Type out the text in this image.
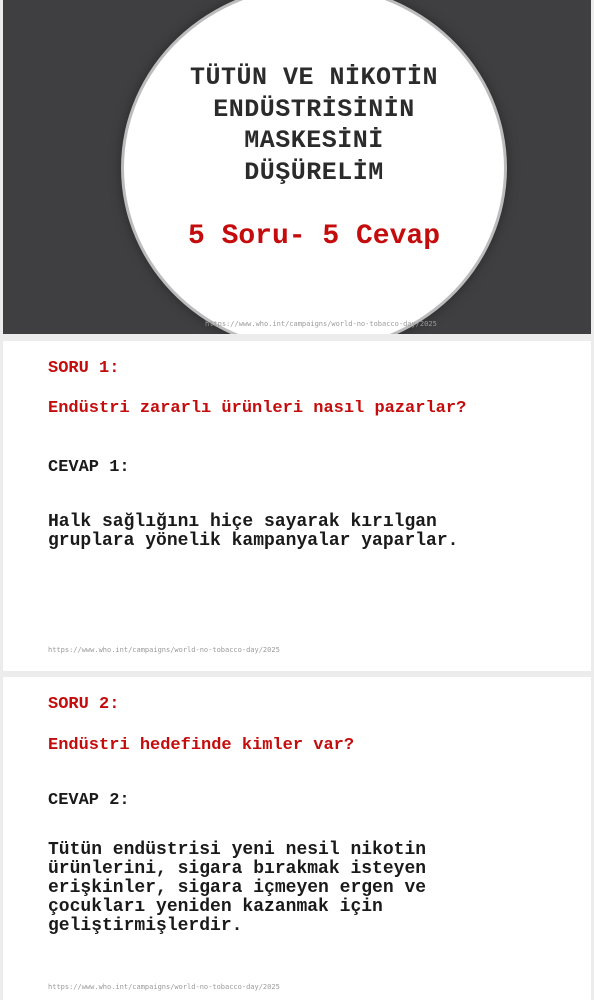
TÜTÜN VE NİKOTİN
ENDÜSTRİSİNİN
MASKESİNİ
DÜŞÜRELİM
5 Soru- 5 Cevap
https://www.who.int/campaigns/world-no-tobacco-day/2025
SORU 1:
Endüstri zararlı ürünleri nasıl pazarlar?
CEVAP 1:
Halk sağlığını hiçe sayarak kırılgan
gruplara yönelik kampanyalar yaparlar.
https://www.who.int/campaigns/world-no-tobacco-day/2025
SORU 2:
Endüstri hedefinde kimler var?
CEVAP 2:
Tütün endüstrisi yeni nesil nikotin
ürünlerini, sigara bırakmak isteyen
erişkinler, sigara içmeyen ergen ve
çocukları yeniden kazanmak için
geliştirmişlerdir.
https://www.who.int/campaigns/world-no-tobacco-day/2025
